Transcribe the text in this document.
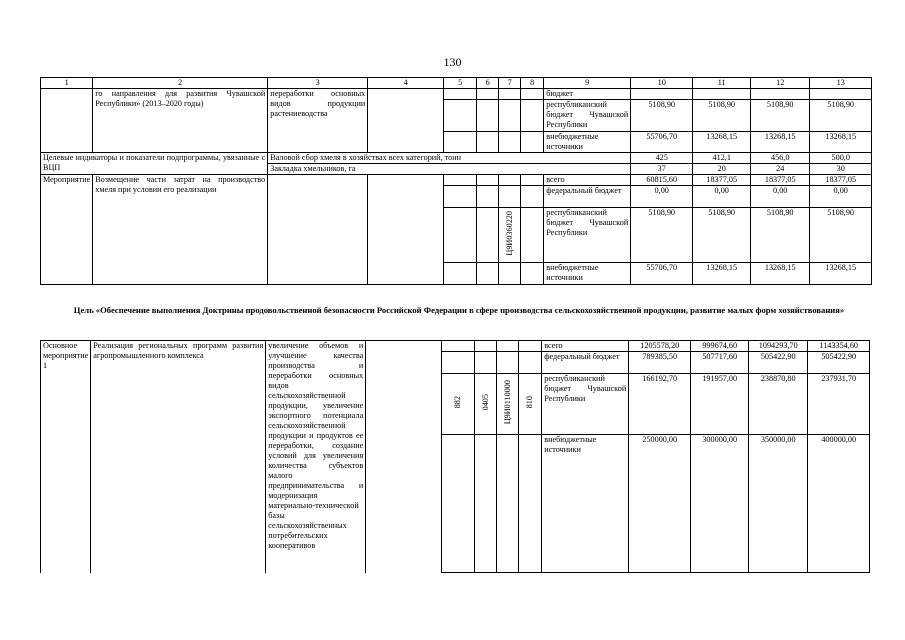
130
1	2	3	4	5	6	7	8	9	10	11	12	13
	го направления для развития Чувашской Республики» (2013–2020 годы)	переработки основных видов продукции растениеводства						бюджет				
								республиканский бюджет Чувашской Республики	5108,90	5108,90	5108,90	5108,90
								внебюджетные источники	55706,70	13268,15	13268,15	13268,15
Целевые индикаторы и показатели подпрограммы, увязанные с ВЦП		Валовой сбор хмеля в хозяйствах всех категорий, тонн							425	412,1	456,0	500,0
		Закладка хмельников, га							37	20	24	30
Мероприятие	Возмещение части затрат на производство хмеля при условии его реализации							всего	60815,60	18377,05	18377,05	18377,05
								федеральный бюджет	0,00	0,00	0,00	0,00
						Ц9И0360220		республиканский бюджет Чувашской Республики	5108,90	5108,90	5108,90	5108,90
								внебюджетные источники	55706,70	13268,15	13268,15	13268,15
Цель «Обеспечение выполнения Доктрины продовольственной безопасности Российской Федерации в сфере производства сельскохозяйственной продукции, развитие малых форм хозяйствования»
Основное мероприятие 1	Реализация региональных программ развития агропромышленного комплекса	увеличение объемов и улучшение качества производства и переработки основных видов сельскохозяйственной продукции, увеличение экспортного потенциала сельскохозяйственной продукции и продуктов ее переработки, создание условий для увеличения количества субъектов малого предпринимательства и модернизация материально-технической базы сельскохозяйственных потребительских кооперативов						всего	1205578,20	999674,60	1094293,70	1143354,60
								федеральный бюджет	789385,50	507717,60	505422,90	505422,90
				882	0405	Ц9И0110000	810	республиканский бюджет Чувашской Республики	166192,70	191957,00	238870,80	237931,70
								внебюджетные источники	250000,00	300000,00	350000,00	400000,00
